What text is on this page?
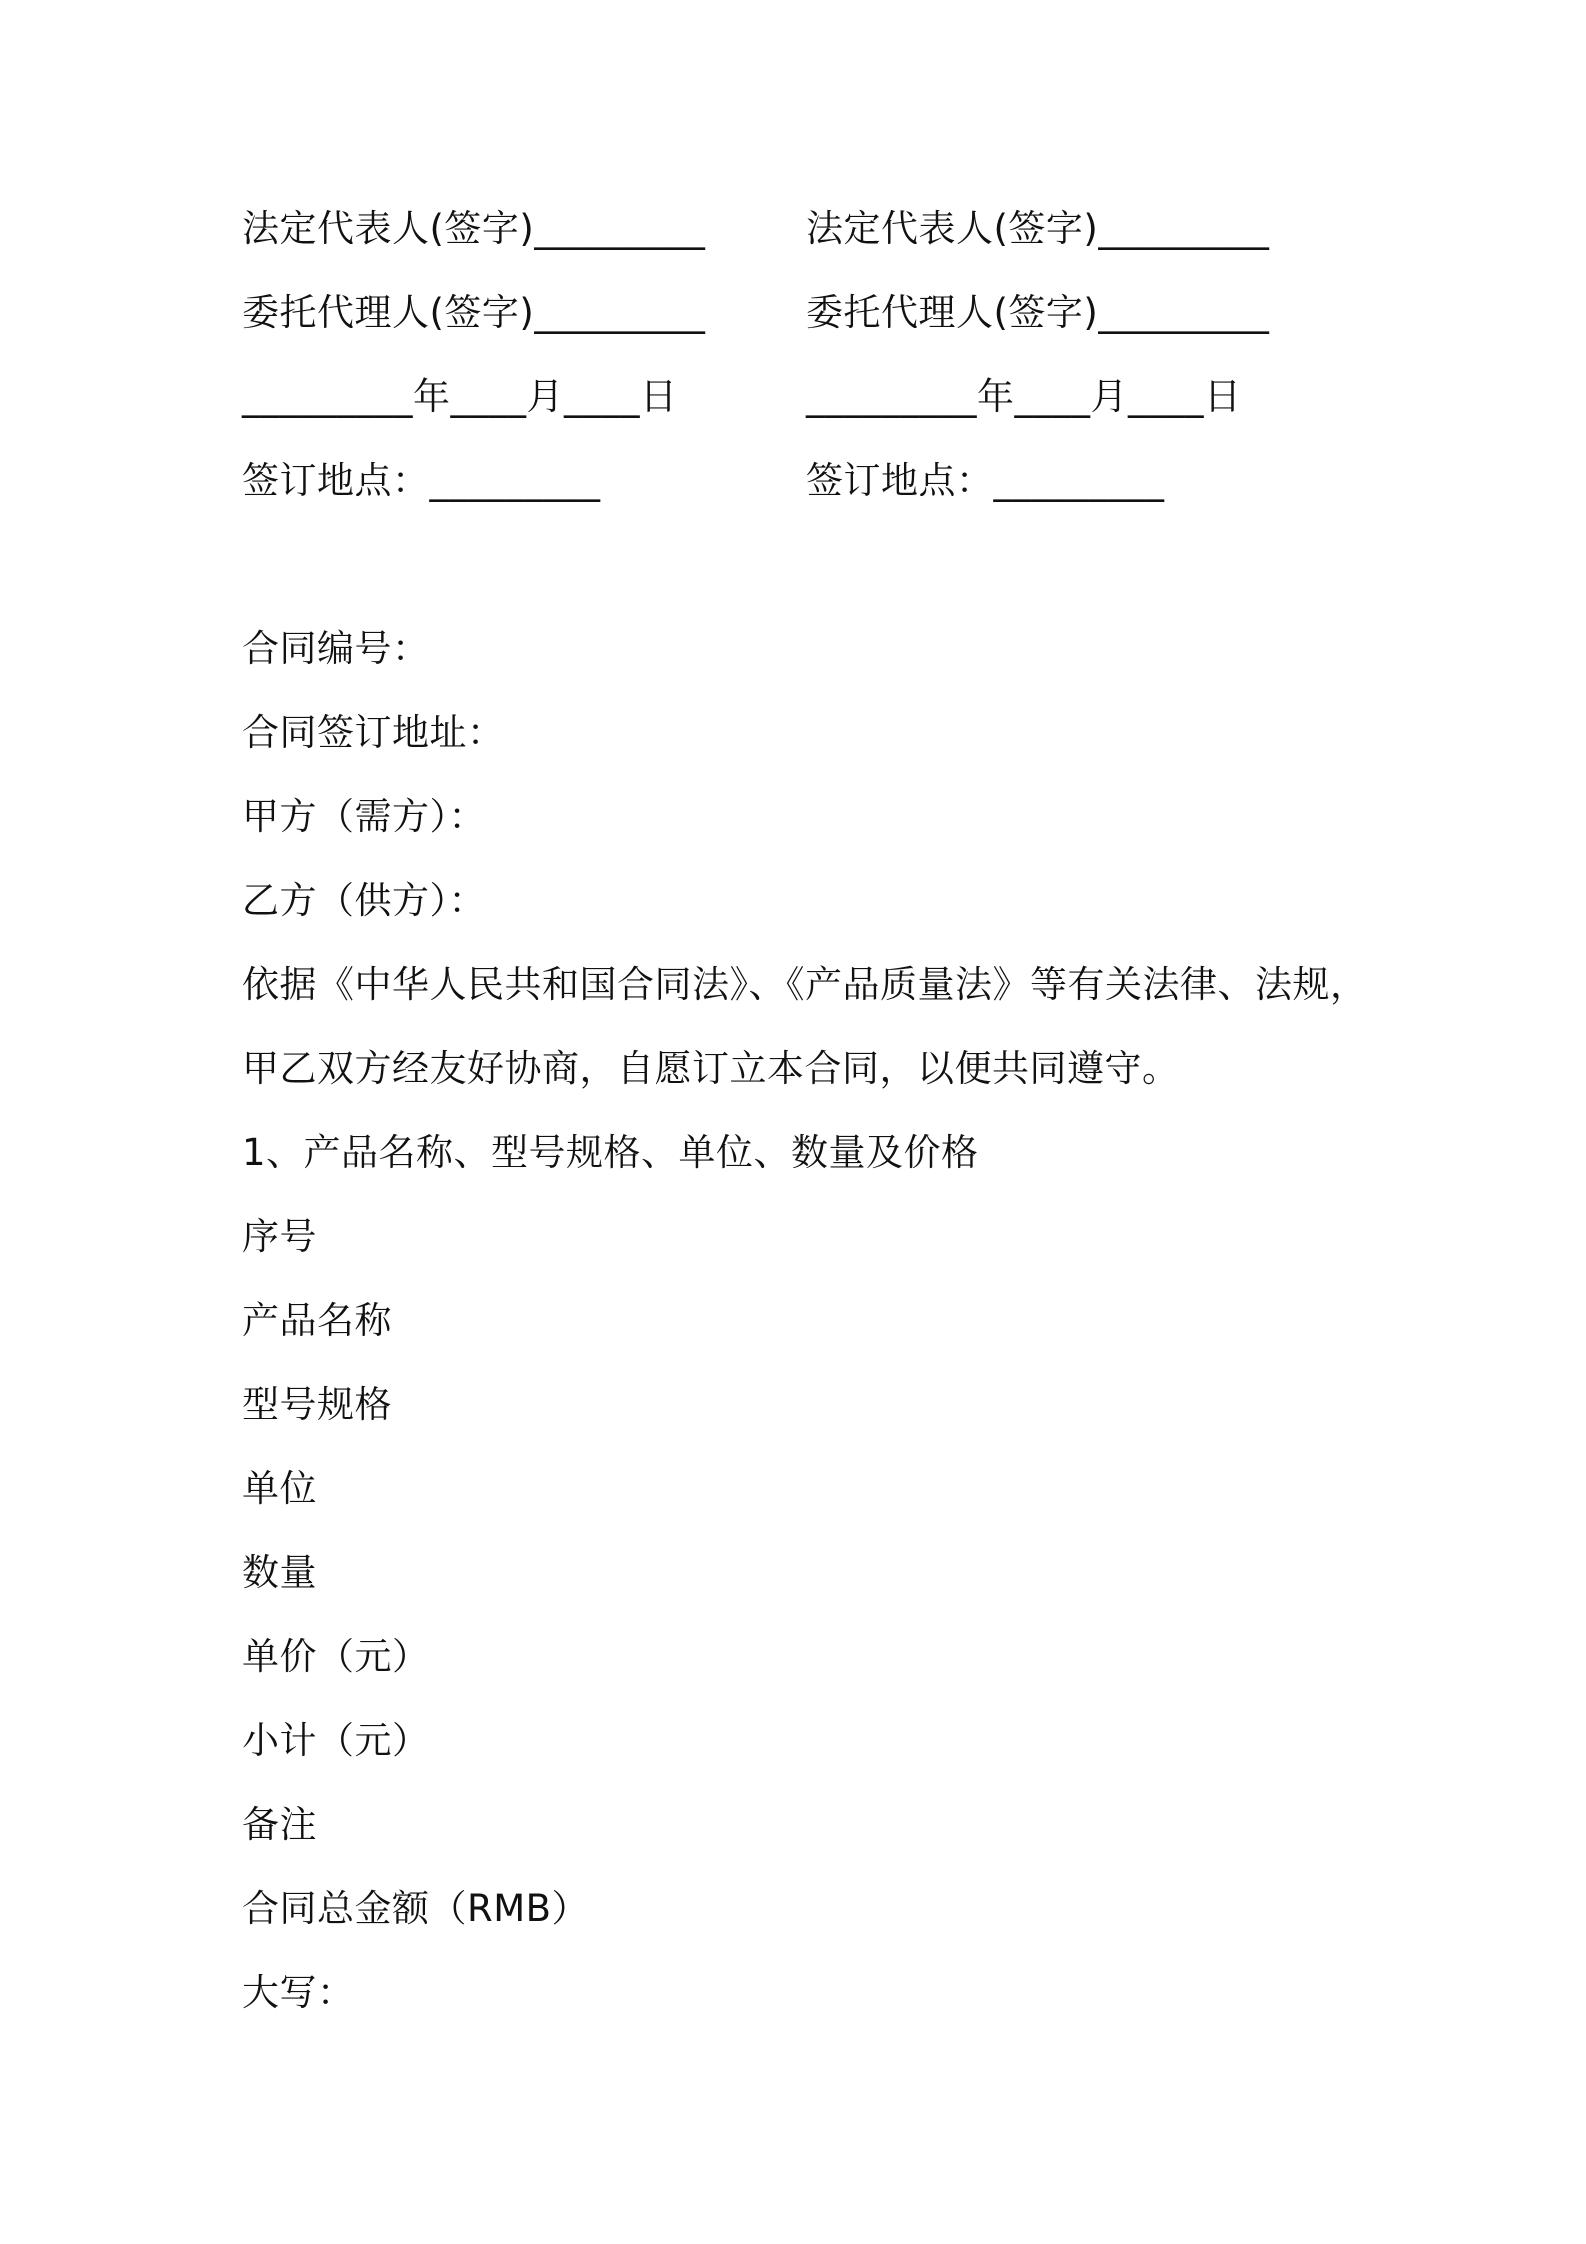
法定代表人(签字)_________
委托代理人(签字)_________
_________年____月____日
签订地点：_________
法定代表人(签字)_________
委托代理人(签字)_________
_________年____月____日
签订地点：_________
合同编号：
合同签订地址：
甲方（需方）：
乙方（供方）：
依据《中华人民共和国合同法》、《产品质量法》等有关法律、法规，
甲乙双方经友好协商，自愿订立本合同，以便共同遵守。
1、产品名称、型号规格、单位、数量及价格
序号
产品名称
型号规格
单位
数量
单价（元）
小计（元）
备注
合同总金额（RMB）
大写：
